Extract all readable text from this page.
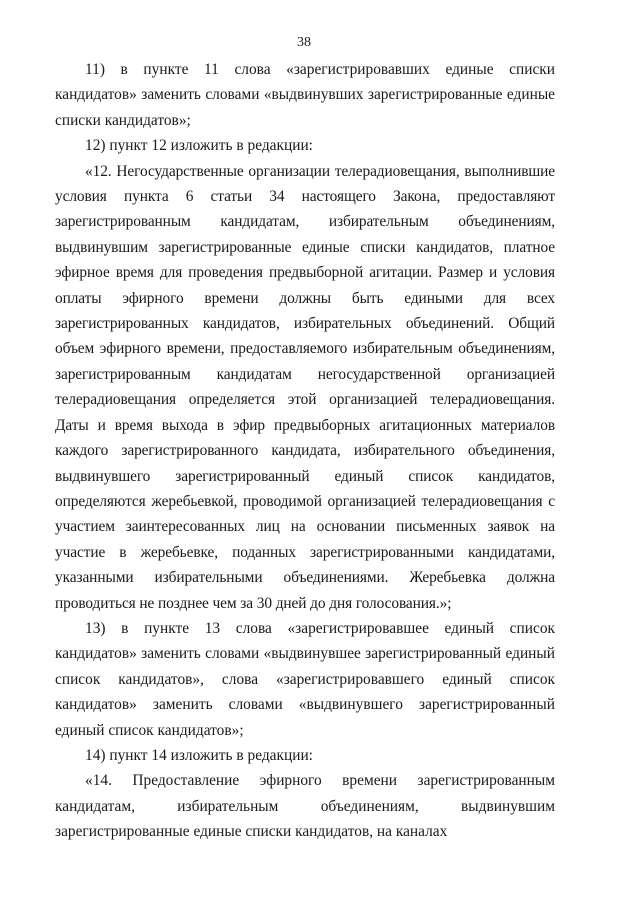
38

11) в пункте 11 слова «зарегистрировавших единые списки кандидатов» заменить словами «выдвинувших зарегистрированные единые списки кандидатов»;

12) пункт 12 изложить в редакции:

«12. Негосударственные организации телерадиовещания, выполнившие условия пункта 6 статьи 34 настоящего Закона, предоставляют зарегистрированным кандидатам, избирательным объединениям, выдвинувшим зарегистрированные единые списки кандидатов, платное эфирное время для проведения предвыборной агитации. Размер и условия оплаты эфирного времени должны быть едиными для всех зарегистрированных кандидатов, избирательных объединений. Общий объем эфирного времени, предоставляемого избирательным объединениям, зарегистрированным кандидатам негосударственной организацией телерадиовещания определяется этой организацией телерадиовещания. Даты и время выхода в эфир предвыборных агитационных материалов каждого зарегистрированного кандидата, избирательного объединения, выдвинувшего зарегистрированный единый список кандидатов, определяются жеребьевкой, проводимой организацией телерадиовещания с участием заинтересованных лиц на основании письменных заявок на участие в жеребьевке, поданных зарегистрированными кандидатами, указанными избирательными объединениями. Жеребьевка должна проводиться не позднее чем за 30 дней до дня голосования.»;

13) в пункте 13 слова «зарегистрировавшее единый список кандидатов» заменить словами «выдвинувшее зарегистрированный единый список кандидатов», слова «зарегистрировавшего единый список кандидатов» заменить словами «выдвинувшего зарегистрированный единый список кандидатов»;

14) пункт 14 изложить в редакции:

«14. Предоставление эфирного времени зарегистрированным кандидатам, избирательным объединениям, выдвинувшим зарегистрированные единые списки кандидатов, на каналах
